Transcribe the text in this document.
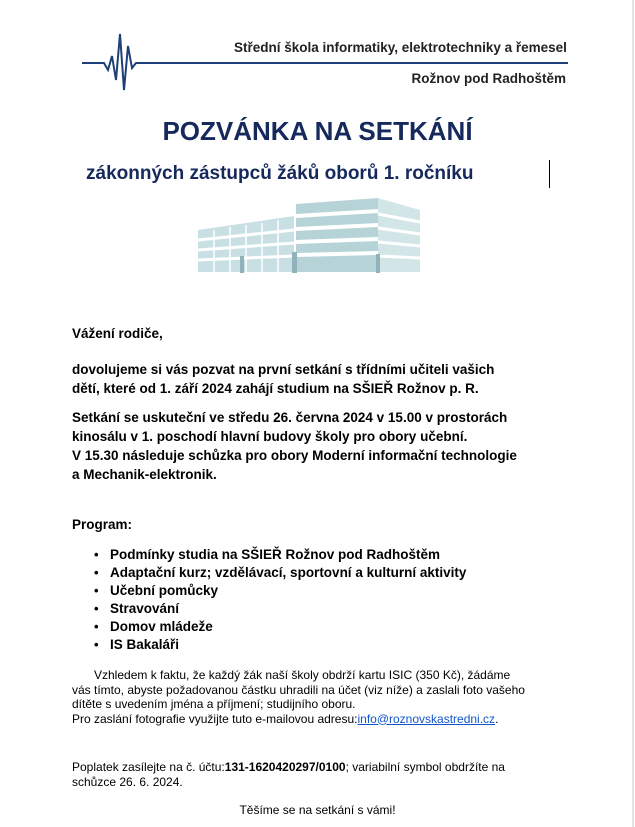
Střední škola informatiky, elektrotechniky a řemesel
Rožnov pod Radhoštěm
POZVÁNKA NA SETKÁNÍ
zákonných zástupců žáků oborů 1. ročníku
Vážení rodiče,
dovolujeme si vás pozvat na první setkání s třídními učiteli vašich
dětí, které od 1. září 2024 zahájí studium na SŠIEŘ Rožnov p. R.
Setkání se uskuteční ve středu 26. června 2024 v 15.00 v prostorách
kinosálu v 1. poschodí hlavní budovy školy pro obory učební.
V 15.30 následuje schůzka pro obory Moderní informační technologie
a Mechanik-elektronik.
Program:
• Podmínky studia na SŠIEŘ Rožnov pod Radhoštěm
• Adaptační kurz; vzdělávací, sportovní a kulturní aktivity
• Učební pomůcky
• Stravování
• Domov mládeže
• IS Bakaláři
Vzhledem k faktu, že každý žák naší školy obdrží kartu ISIC (350 Kč), žádáme
vás tímto, abyste požadovanou částku uhradili na účet (viz níže) a zaslali foto vašeho
dítěte s uvedením jména a příjmení; studijního oboru.
Pro zaslání fotografie využijte tuto e-mailovou adresu:info@roznovskastredni.cz.
Poplatek zasílejte na č. účtu:131-1620420297/0100; variabilní symbol obdržíte na
schůzce 26. 6. 2024.
Těšíme se na setkání s vámi!
